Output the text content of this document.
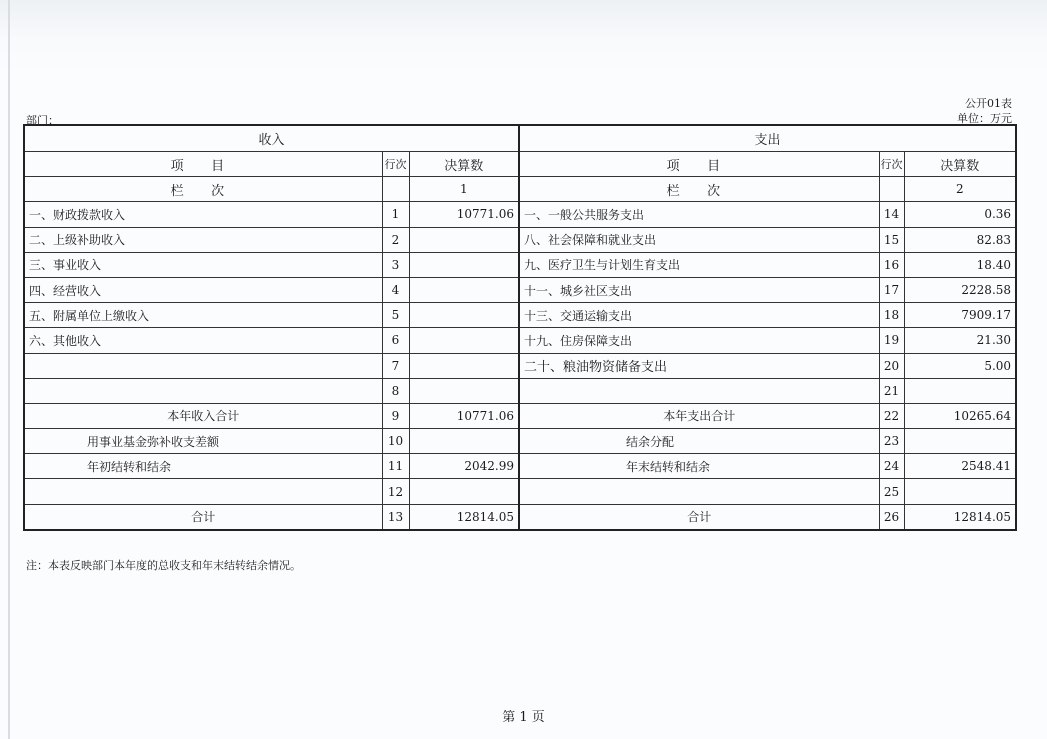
公开01表
单位：万元
部门：
收入			支出		
项 目	行次	决算数	项 目	行次	决算数
栏 次		1	栏 次		2
一、财政拨款收入	1	10771.06	一、一般公共服务支出	14	0.36
二、上级补助收入	2		八、社会保障和就业支出	15	82.83
三、事业收入	3		九、医疗卫生与计划生育支出	16	18.40
四、经营收入	4		十一、城乡社区支出	17	2228.58
五、附属单位上缴收入	5		十三、交通运输支出	18	7909.17
六、其他收入	6		十九、住房保障支出	19	21.30
	7		二十、粮油物资储备支出	20	5.00
	8			21	
本年收入合计	9	10771.06	本年支出合计	22	10265.64
用事业基金弥补收支差额	10		结余分配	23	
年初结转和结余	11	2042.99	年末结转和结余	24	2548.41
	12			25	
合计	13	12814.05	合计	26	12814.05
注：本表反映部门本年度的总收支和年末结转结余情况。
第 1 页
